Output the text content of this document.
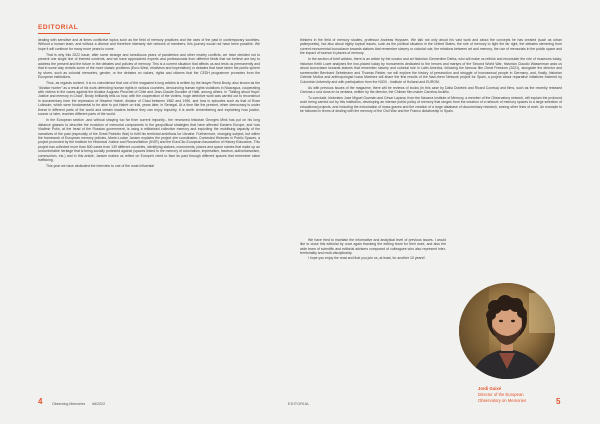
EDITORIAL

dealing with sensitive and at times conflictive topics such as the field of memory practices and the uses of the past in contemporary societies. Without a human team, and without a diverse and therefore intensely rich network of members, this journey would not have been possible. We hope it will continue for many more years to come.

That is why this 2022 issue, after some strange and tumultuous years of pandemics and other nearby conflicts, we have decided not to present one single line of themed contents, and we have approached experts and professionals from different fields that we believe are key to address the present and the future in the debates and policies of memory. This is a current situation that affects us and tests us permanently and that in some way revisits some of the more classic problems (Euro-West, relativism and imperialism) or debates that have taken the public sphere by storm, such as colonial memories, gender, or the debates on values, rights and citizens that the CEDH programme promotes from the European institutions.

Thus, as regards content, it is no coincidence that one of the magazine's long articles is written by the lawyer Reed Brody, also known as the "dictator hunter" as a result of his work defending human rights in various countries, denouncing human rights violations in Nicaragua, cooperating with victims in the cases against the dictator Augusto Pinochet of Chile and Jean-Claude Duvalier of Haiti, among others. In "Talking about Hope: Justice and memory in Chad", Brody brilliantly tells us how, with the cooperation of the victims, huge detective work was carried out to reconstruct in documentary form the repression of Hissène Habré, dictator of Chad between 1982 and 1990, and how in episodes such as that of Rose Lokissim, which were fundamental to be able to put Habré on trial, years later, in Senegal. At a time like the present, when democracy is under threat in different parts of the world and certain leaders believe they can enjoy impunity, it is worth remembering and explaining how justice, sooner or later, reaches different parts of the world.

In the European section -and without straying too far from current impunity-, the renowned historian Georges Mink has put on his long distance glasses to describe the evolution of memorial components in the geopolitical strategies that have affected Eastern Europe, and how Vladimir Putin, at the head of the Russian government, is using a militarised collective memory and exploiting the mobilising capacity of the narratives of the past (especially of the Great Patriotic War) to fulfil his territorial ambitions for Ukraine. Furthermore, changing subject, but within the framework of European memory policies, Marie-Louise Jansen explains the project she coordinates, Contested Histories in Public Spaces, a project promoted by the Institute for Historical Justice and Reconciliation (IHJR) and the EuroClio-European Association of History Educators. This project has collected more than 500 cases from 139 different countries, identifying statues, monuments, places and space names that make up an uncomfortable heritage that is being socially protested against (spaces linked to the memory of colonialism, imperialism, fascism, authoritarianism, communism, etc.) and in this article, Jansen makes us reflect on Europe's need to face its past through different spaces that remember slave trafficking.

This year we have dedicated the interview to one of the most influential

thinkers in the field of memory studies, professor Andreas Huyssen. We talk not only about his vast work and about the concepts he has created (such as urban palimpsests), but also about highly topical issues, such as the political situation in the United States, the role of memory to fight the far right, the debates stemming from current monumental iconoclasm towards statues that remember slavery or colonial rule, the relations between art and memory, the use of memorials in the public space and the impact of tourism in places of memory.

In the section of brief articles, there is an article by the curator and art historian Clementine Deliss, who will make us rethink and reconsider the role of museums today; historian Keith Lowe analyses the iron-placed today by monuments dedicated to the heroes and martyrs of the Second World War; historian Claudio Wasserman asks us about iconoclasm towards statues that remember slavery and colonial rule in Latin America, following the famous film Great Freedom (2021), alongside the director and screenwriter Bernhard Sebelmann and Thomas Reider, we will explore the history of persecution and struggle of homosexual people in Germany, and, finally, historian Celeste Muñoz and anthropologist Ivana Martinez will share the first results of the Nazi-Ibero Network project for Spain, a project about reparative initiatives fostered by Columbia University and with participation from the NIOD - Institute of Holland and EUROM.

As with previous issues of the magazine, there will be reviews of books (in this case by Dalia Dubelek and Ricard Conesa) and films, such as the recently released Cenizas o una dona en la ventana, written by the director, the Chilean film-maker Carolina Acutillo.

To conclude, historians Jose Miguel Guzmán and César Layana, from the Navarra Institute of Memory, a member of the Observatory network, will explain the profound work being carried out by this institution, developing an intense public policy of memory that ranges from the creation of a network of memory spaces to a large selection of educational projects, and including the exhumation of mass graves and the creation of a large database of documentary research, among other lines of work. An example to be followed in terms of dealing with the memory of the Civil War and the Franco dictatorship in Spain.

We have tried to maintain the informative and analytical level of previous issues. I would like to close this editorial by once again thanking the editing team for their work, and also the wide team of scientific and editorial advisers composed of colleagues who also represent inter-territoriality and multi-disciplinarity.

I hope you enjoy the read and that you join us, at least, for another 10 years!!

Jordi Guixé
Director of the European
Observatory on Memories
4	Observing Memories #6/2022	EDITORIAL	5
